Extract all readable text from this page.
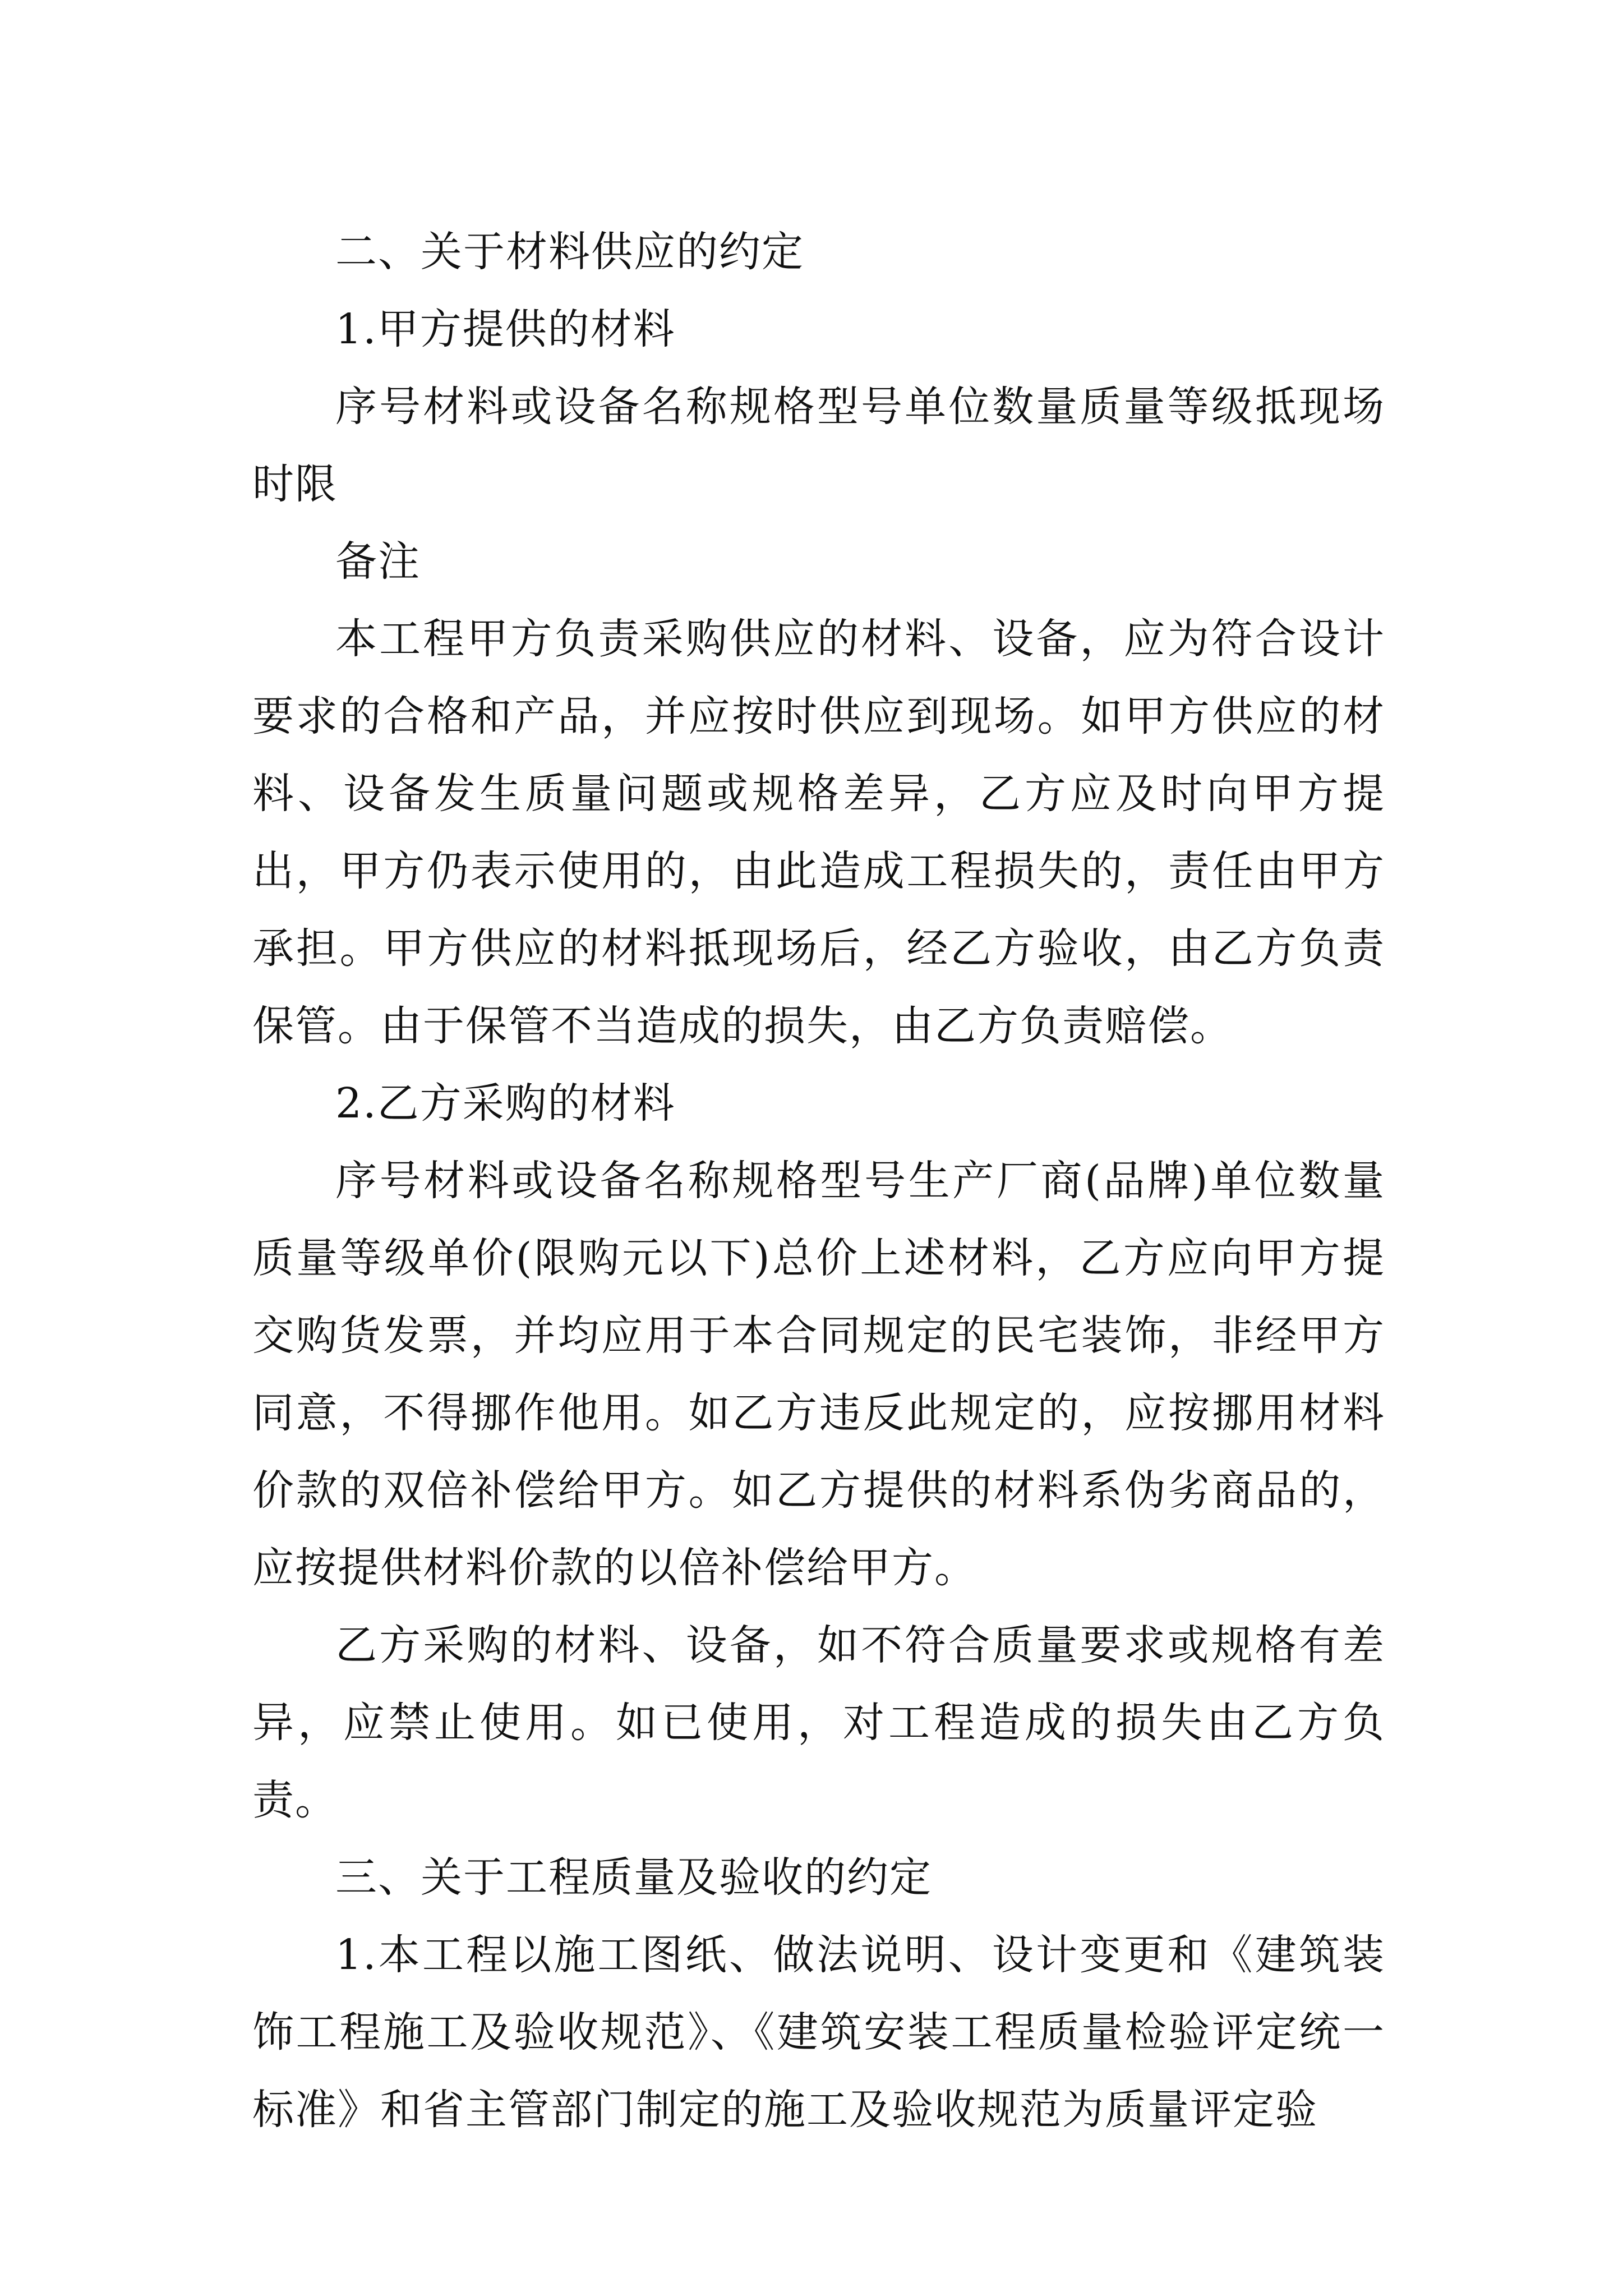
二、关于材料供应的约定

1.甲方提供的材料

序号材料或设备名称规格型号单位数量质量等级抵现场时限

备注

本工程甲方负责采购供应的材料、设备，应为符合设计要求的合格和产品，并应按时供应到现场。如甲方供应的材料、设备发生质量问题或规格差异，乙方应及时向甲方提出，甲方仍表示使用的，由此造成工程损失的，责任由甲方承担。甲方供应的材料抵现场后，经乙方验收，由乙方负责保管。由于保管不当造成的损失，由乙方负责赔偿。

2.乙方采购的材料

序号材料或设备名称规格型号生产厂商(品牌)单位数量质量等级单价(限购元以下)总价上述材料，乙方应向甲方提交购货发票，并均应用于本合同规定的民宅装饰，非经甲方同意，不得挪作他用。如乙方违反此规定的，应按挪用材料价款的双倍补偿给甲方。如乙方提供的材料系伪劣商品的，应按提供材料价款的以倍补偿给甲方。

乙方采购的材料、设备，如不符合质量要求或规格有差异，应禁止使用。如已使用，对工程造成的损失由乙方负责。

三、关于工程质量及验收的约定

1.本工程以施工图纸、做法说明、设计变更和《建筑装饰工程施工及验收规范》、《建筑安装工程质量检验评定统一标准》和省主管部门制定的施工及验收规范为质量评定验
